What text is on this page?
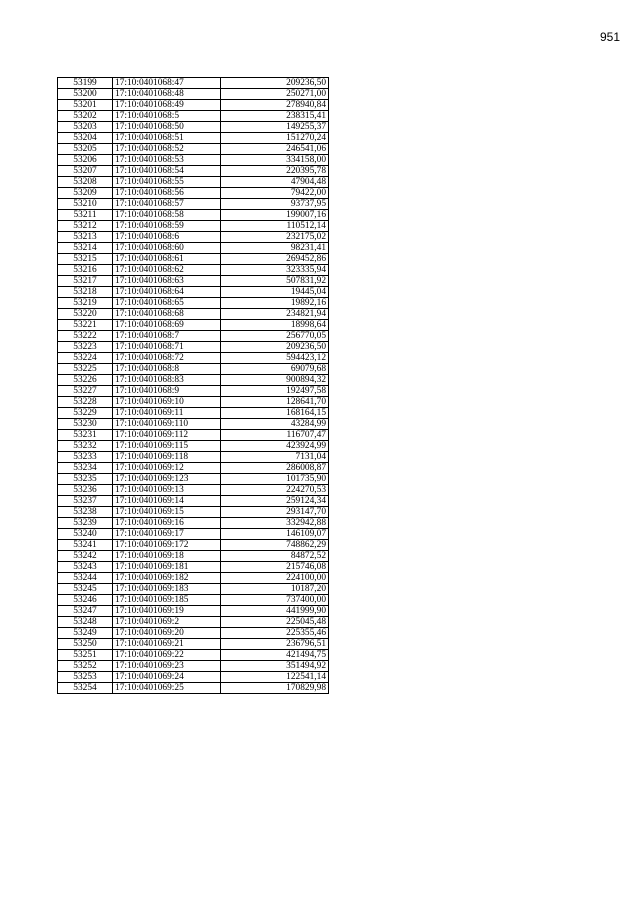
951
53199	17:10:0401068:47	209236,50
53200	17:10:0401068:48	250271,00
53201	17:10:0401068:49	278940,84
53202	17:10:0401068:5	238315,41
53203	17:10:0401068:50	149255,37
53204	17:10:0401068:51	151270,24
53205	17:10:0401068:52	246541,06
53206	17:10:0401068:53	334158,00
53207	17:10:0401068:54	220395,78
53208	17:10:0401068:55	47904,48
53209	17:10:0401068:56	79422,00
53210	17:10:0401068:57	93737,95
53211	17:10:0401068:58	199007,16
53212	17:10:0401068:59	110512,14
53213	17:10:0401068:6	232175,02
53214	17:10:0401068:60	98231,41
53215	17:10:0401068:61	269452,86
53216	17:10:0401068:62	323335,94
53217	17:10:0401068:63	507831,92
53218	17:10:0401068:64	19445,04
53219	17:10:0401068:65	19892,16
53220	17:10:0401068:68	234821,94
53221	17:10:0401068:69	18998,64
53222	17:10:0401068:7	256770,05
53223	17:10:0401068:71	209236,50
53224	17:10:0401068:72	594423,12
53225	17:10:0401068:8	69079,68
53226	17:10:0401068:83	900894,32
53227	17:10:0401068:9	192497,58
53228	17:10:0401069:10	128641,70
53229	17:10:0401069:11	168164,15
53230	17:10:0401069:110	43284,99
53231	17:10:0401069:112	116707,47
53232	17:10:0401069:115	423924,99
53233	17:10:0401069:118	7131,04
53234	17:10:0401069:12	286008,87
53235	17:10:0401069:123	101735,90
53236	17:10:0401069:13	224270,53
53237	17:10:0401069:14	259124,34
53238	17:10:0401069:15	293147,70
53239	17:10:0401069:16	332942,88
53240	17:10:0401069:17	146109,07
53241	17:10:0401069:172	748862,29
53242	17:10:0401069:18	84872,52
53243	17:10:0401069:181	215746,08
53244	17:10:0401069:182	224100,00
53245	17:10:0401069:183	10187,20
53246	17:10:0401069:185	737400,00
53247	17:10:0401069:19	441999,90
53248	17:10:0401069:2	225045,48
53249	17:10:0401069:20	225355,46
53250	17:10:0401069:21	236796,51
53251	17:10:0401069:22	421494,75
53252	17:10:0401069:23	351494,92
53253	17:10:0401069:24	122541,14
53254	17:10:0401069:25	170829,98
